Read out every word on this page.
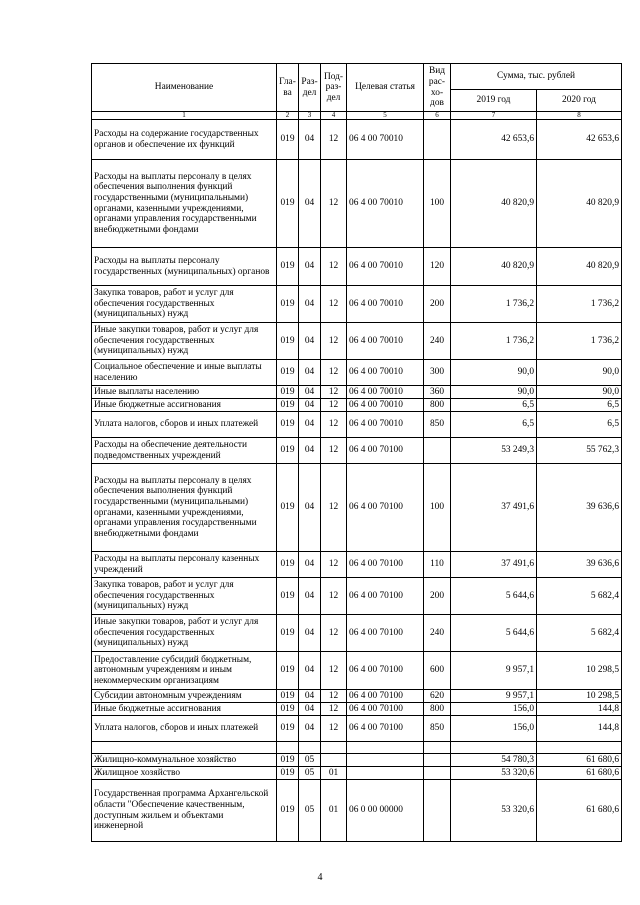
Наименование	Гла-ва	Раз-дел	Под-раз-дел	Целевая статья	Вид рас-хо-дов	Сумма, тыс. рублей	
						2019 год	2020 год
1	2	3	4	5	6	7	8
Расходы на содержание государственных органов и обеспечение их функций	019	04	12	06 4 00 70010		42 653,6	42 653,6
Расходы на выплаты персоналу в целях обеспечения выполнения функций государственными (муниципальными) органами, казенными учреждениями, органами управления государственными внебюджетными фондами	019	04	12	06 4 00 70010	100	40 820,9	40 820,9
Расходы на выплаты персоналу государственных (муниципальных) органов	019	04	12	06 4 00 70010	120	40 820,9	40 820,9
Закупка товаров, работ и услуг для обеспечения государственных (муниципальных) нужд	019	04	12	06 4 00 70010	200	1 736,2	1 736,2
Иные закупки товаров, работ и услуг для обеспечения государственных (муниципальных) нужд	019	04	12	06 4 00 70010	240	1 736,2	1 736,2
Социальное обеспечение и иные выплаты населению	019	04	12	06 4 00 70010	300	90,0	90,0
Иные выплаты населению	019	04	12	06 4 00 70010	360	90,0	90,0
Иные бюджетные ассигнования	019	04	12	06 4 00 70010	800	6,5	6,5
Уплата налогов, сборов и иных платежей	019	04	12	06 4 00 70010	850	6,5	6,5
Расходы на обеспечение деятельности подведомственных учреждений	019	04	12	06 4 00 70100		53 249,3	55 762,3
Расходы на выплаты персоналу в целях обеспечения выполнения функций государственными (муниципальными) органами, казенными учреждениями, органами управления государственными внебюджетными фондами	019	04	12	06 4 00 70100	100	37 491,6	39 636,6
Расходы на выплаты персоналу казенных учреждений	019	04	12	06 4 00 70100	110	37 491,6	39 636,6
Закупка товаров, работ и услуг для обеспечения государственных (муниципальных) нужд	019	04	12	06 4 00 70100	200	5 644,6	5 682,4
Иные закупки товаров, работ и услуг для обеспечения государственных (муниципальных) нужд	019	04	12	06 4 00 70100	240	5 644,6	5 682,4
Предоставление субсидий бюджетным, автономным учреждениям и иным некоммерческим организациям	019	04	12	06 4 00 70100	600	9 957,1	10 298,5
Субсидии автономным учреждениям	019	04	12	06 4 00 70100	620	9 957,1	10 298,5
Иные бюджетные ассигнования	019	04	12	06 4 00 70100	800	156,0	144,8
Уплата налогов, сборов и иных платежей	019	04	12	06 4 00 70100	850	156,0	144,8

Жилищно-коммунальное хозяйство	019	05				54 780,3	61 680,6
Жилищное хозяйство	019	05	01			53 320,6	61 680,6
Государственная программа Архангельской области "Обеспечение качественным, доступным жильем и объектами инженерной	019	05	01	06 0 00 00000		53 320,6	61 680,6
4
